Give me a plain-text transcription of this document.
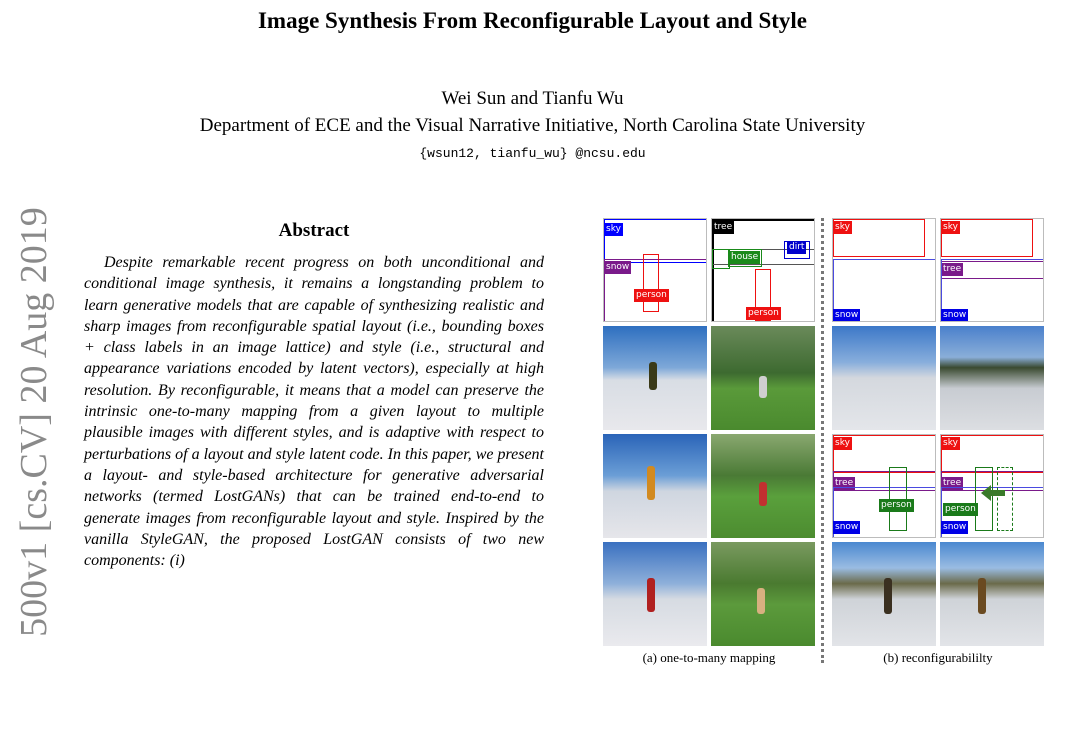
Image Synthesis From Reconfigurable Layout and Style
Wei Sun and Tianfu Wu
Department of ECE and the Visual Narrative Initiative, North Carolina State University
{wsun12, tianfu_wu} @ncsu.edu
500v1 [cs.CV] 20 Aug 2019	Abstract

Despite remarkable recent progress on both unconditional and conditional image synthesis, it remains a longstanding problem to learn generative models that are capable of synthesizing realistic and sharp images from reconfigurable spatial layout (i.e., bounding boxes + class labels in an image lattice) and style (i.e., structural and appearance variations encoded by latent vectors), especially at high resolution. By reconfigurable, it means that a model can preserve the intrinsic one-to-many mapping from a given layout to multiple plausible images with different styles, and is adaptive with respect to perturbations of a layout and style latent code. In this paper, we present a layout- and style-based architecture for generative adversarial networks (termed LostGANs) that can be trained end-to-end to generate images from reconfigurable layout and style. Inspired by the vanilla StyleGAN, the proposed LostGAN consists of two new components: (i)

sky
snow
person
tree
house
dirt
person
(a) one-to-many mapping
sky
snow
sky
tree
snow
sky
tree
snow
person
sky
tree
snow
person
(b) reconfigurabililty
